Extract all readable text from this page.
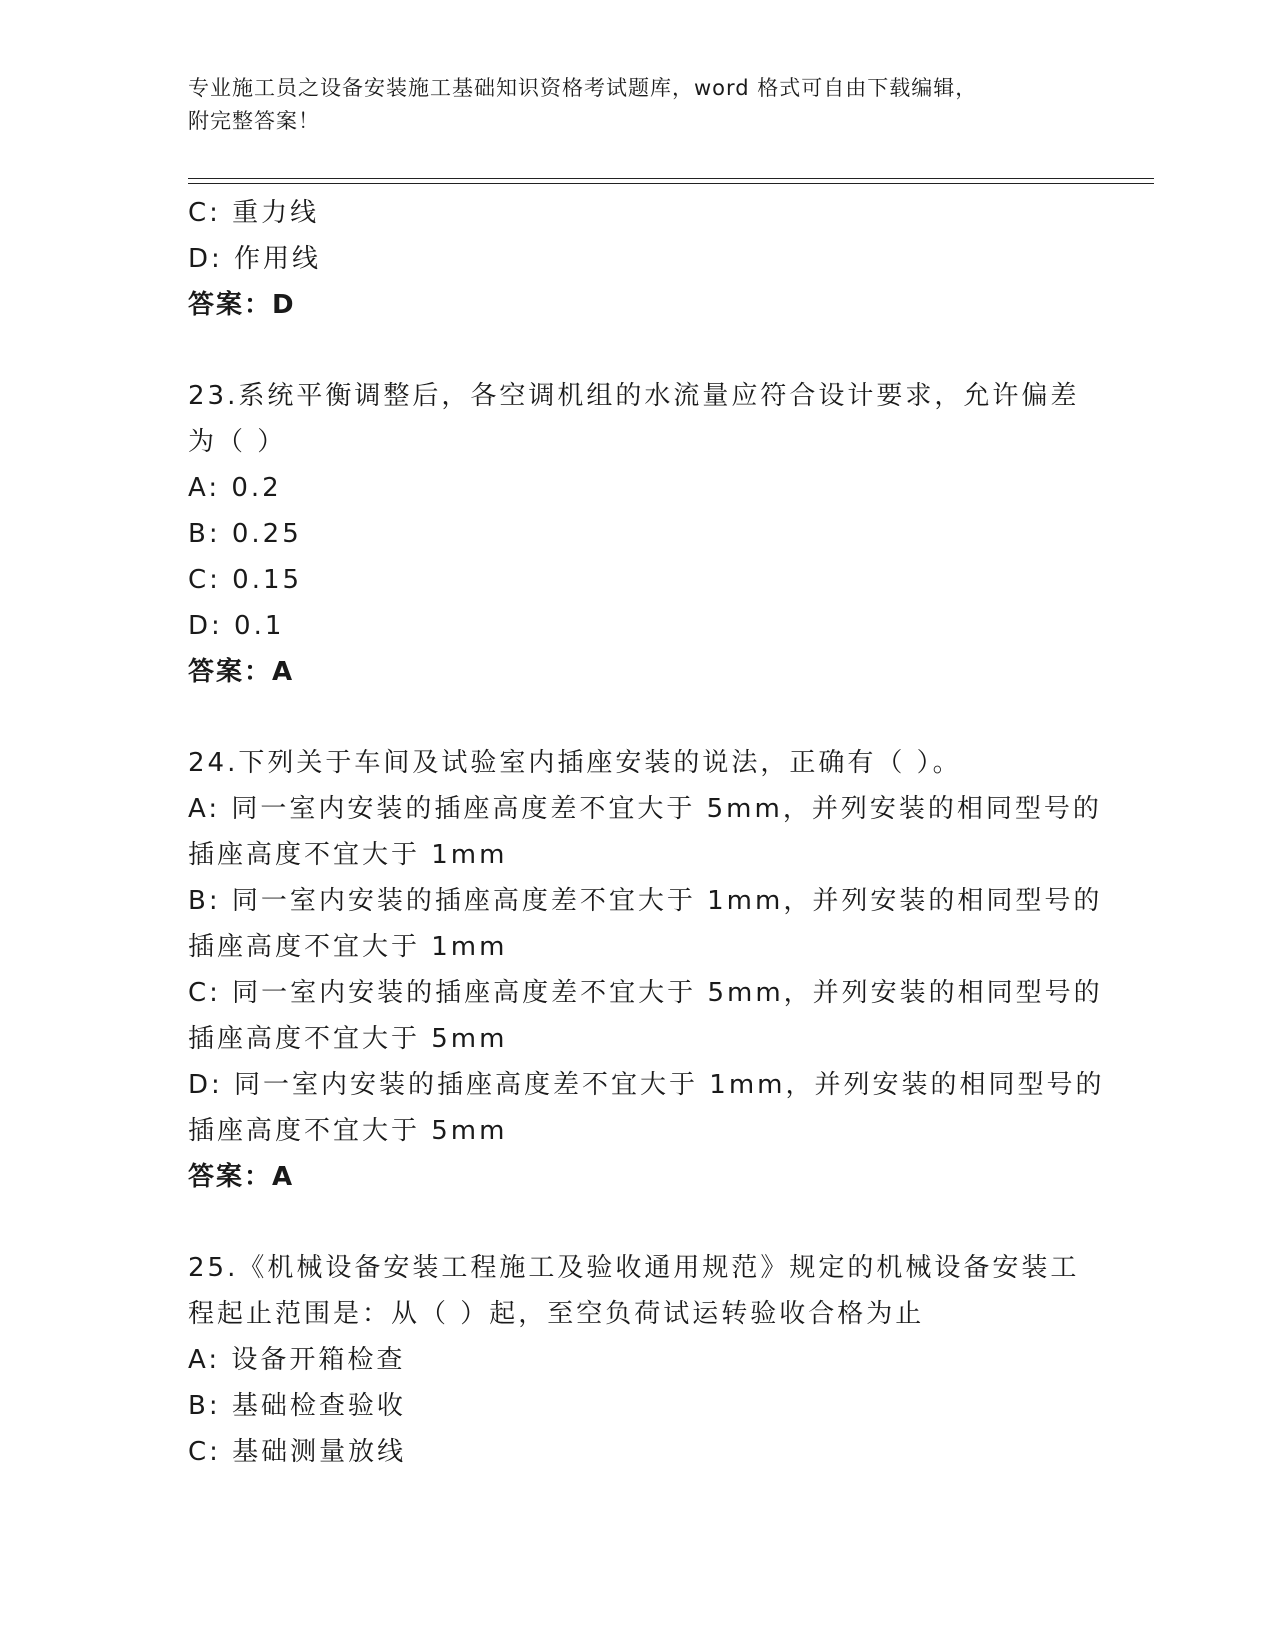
专业施工员之设备安装施工基础知识资格考试题库，word 格式可自由下载编辑，
附完整答案！
C: 重力线
D: 作用线
答案：D
23.系统平衡调整后，各空调机组的水流量应符合设计要求，允许偏差
为（ ）
A: 0.2
B: 0.25
C: 0.15
D: 0.1
答案：A
24.下列关于车间及试验室内插座安装的说法，正确有（ ）。
A: 同一室内安装的插座高度差不宜大于 5mm，并列安装的相同型号的
插座高度不宜大于 1mm
B: 同一室内安装的插座高度差不宜大于 1mm，并列安装的相同型号的
插座高度不宜大于 1mm
C: 同一室内安装的插座高度差不宜大于 5mm，并列安装的相同型号的
插座高度不宜大于 5mm
D: 同一室内安装的插座高度差不宜大于 1mm，并列安装的相同型号的
插座高度不宜大于 5mm
答案：A
25.《机械设备安装工程施工及验收通用规范》规定的机械设备安装工
程起止范围是：从（ ）起，至空负荷试运转验收合格为止
A: 设备开箱检查
B: 基础检查验收
C: 基础测量放线
